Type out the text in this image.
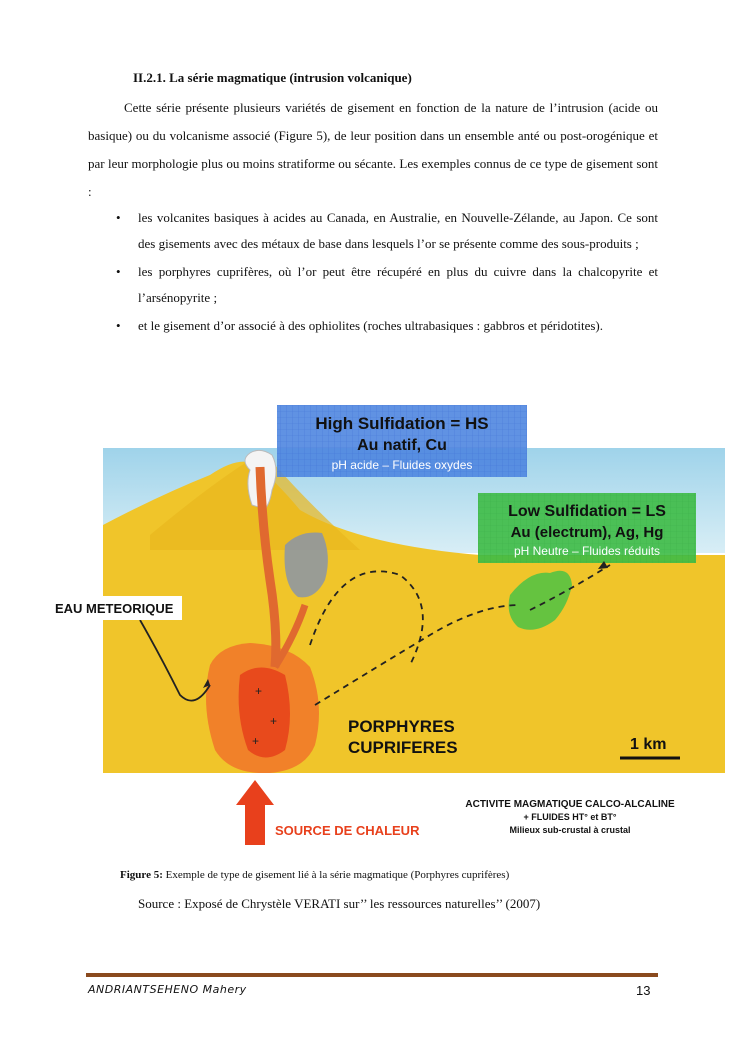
II.2.1. La série magmatique (intrusion volcanique)
Cette série présente plusieurs variétés de gisement en fonction de la nature de l’intrusion (acide ou basique) ou du volcanisme associé (Figure 5), de leur position dans un ensemble anté ou post-orogénique et par leur morphologie plus ou moins stratiforme ou sécante. Les exemples connus de ce type de gisement sont :
• les volcanites basiques à acides au Canada, en Australie, en Nouvelle-Zélande, au Japon. Ce sont des gisements avec des métaux de base dans lesquels l’or se présente comme des sous-produits ;
• les porphyres cuprifères, où l’or peut être récupéré en plus du cuivre dans la chalcopyrite et l’arsénopyrite ;
• et le gisement d’or associé à des ophiolites (roches ultrabasiques : gabbros et péridotites).
High Sulfidation = HS
Au natif, Cu
pH acide – Fluides oxydes
Low Sulfidation = LS
Au (electrum), Ag, Hg
pH Neutre – Fluides réduits
+
+
+
EAU METEORIQUE
PORPHYRES
CUPRIFERES	1 km
ACTIVITE MAGMATIQUE CALCO-ALCALINE
+ FLUIDES HT° et BT°
Milieux sub-crustal à crustal
SOURCE DE CHALEUR
Figure 5: Exemple de type de gisement lié à la série magmatique (Porphyres cuprifères)
Source : Exposé de Chrystèle VERATI sur’’ les ressources naturelles’’ (2007)
ANDRIANTSEHENO Mahery	13
